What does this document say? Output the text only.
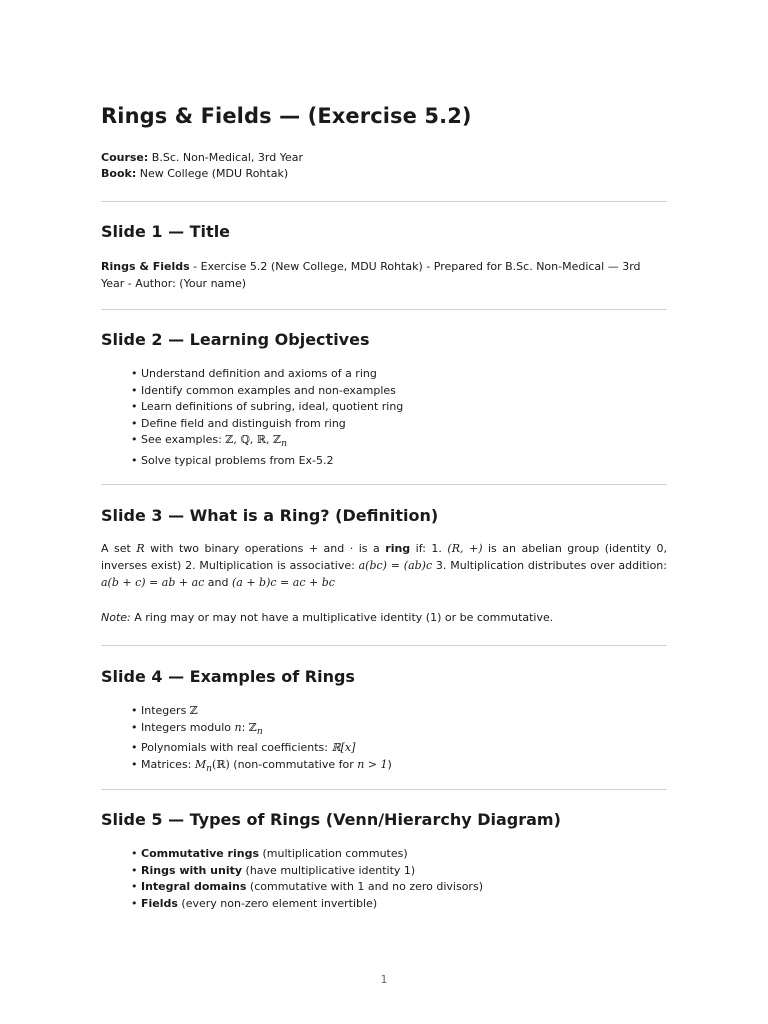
Rings & Fields — (Exercise 5.2)
Course: B.Sc. Non-Medical, 3rd Year
Book: New College (MDU Rohtak)
Slide 1 — Title
Rings & Fields - Exercise 5.2 (New College, MDU Rohtak) - Prepared for B.Sc. Non-Medical — 3rd Year - Author: (Your name)
Slide 2 — Learning Objectives
• Understand definition and axioms of a ring
• Identify common examples and non-examples
• Learn definitions of subring, ideal, quotient ring
• Define field and distinguish from ring
• See examples: ℤ, ℚ, ℝ, ℤ$_n$
• Solve typical problems from Ex-5.2
Slide 3 — What is a Ring? (Definition)
A set R with two binary operations + and · is a ring if: 1. (R, +) is an abelian group (identity 0, inverses exist) 2. Multiplication is associative: a(bc) = (ab)c 3. Multiplication distributes over addition: a(b + c) = ab + ac and (a + b)c = ac + bc
Note: A ring may or may not have a multiplicative identity (1) or be commutative.
Slide 4 — Examples of Rings
• Integers ℤ
• Integers modulo n: ℤ$_n$
• Polynomials with real coefficients: ℝ[x]
• Matrices: $M_n(ℝ)$ (non-commutative for n > 1)
Slide 5 — Types of Rings (Venn/Hierarchy Diagram)
• Commutative rings (multiplication commutes)
• Rings with unity (have multiplicative identity 1)
• Integral domains (commutative with 1 and no zero divisors)
• Fields (every non-zero element invertible)
1
